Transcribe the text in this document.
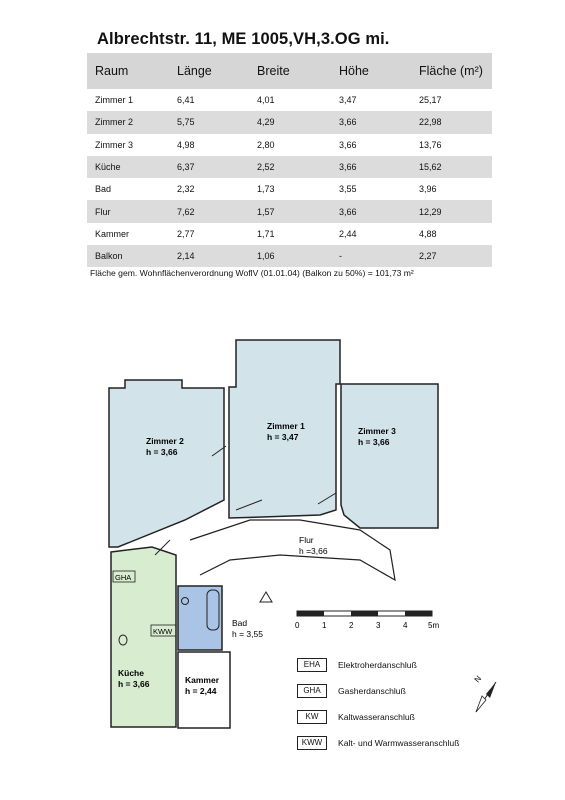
Albrechtstr. 11, ME 1005,VH,3.OG mi.
Raum	Länge	Breite	Höhe	Fläche (m²)
Zimmer 1	6,41	4,01	3,47	25,17
Zimmer 2	5,75	4,29	3,66	22,98
Zimmer 3	4,98	2,80	3,66	13,76
Küche	6,37	2,52	3,66	15,62
Bad	2,32	1,73	3,55	3,96
Flur	7,62	1,57	3,66	12,29
Kammer	2,77	1,71	2,44	4,88
Balkon	2,14	1,06	-	2,27
Fläche gem. Wohnflächenverordnung WoflV (01.01.04) (Balkon zu 50%) = 101,73 m²
Zimmer 2
h = 3,66
Zimmer 1
h = 3,47
Zimmer 3
h = 3,66
Flur
h =3,66
Bad
h = 3,55
Küche
h = 3,66	Kammer
h = 2,44
GHA
KWW
0	1	2	3	4	5m
N
EHA	Elektroherdanschluß
GHA	Gasherdanschluß
KW	Kaltwasseranschluß
KWW	Kalt- und Warmwasseranschluß
